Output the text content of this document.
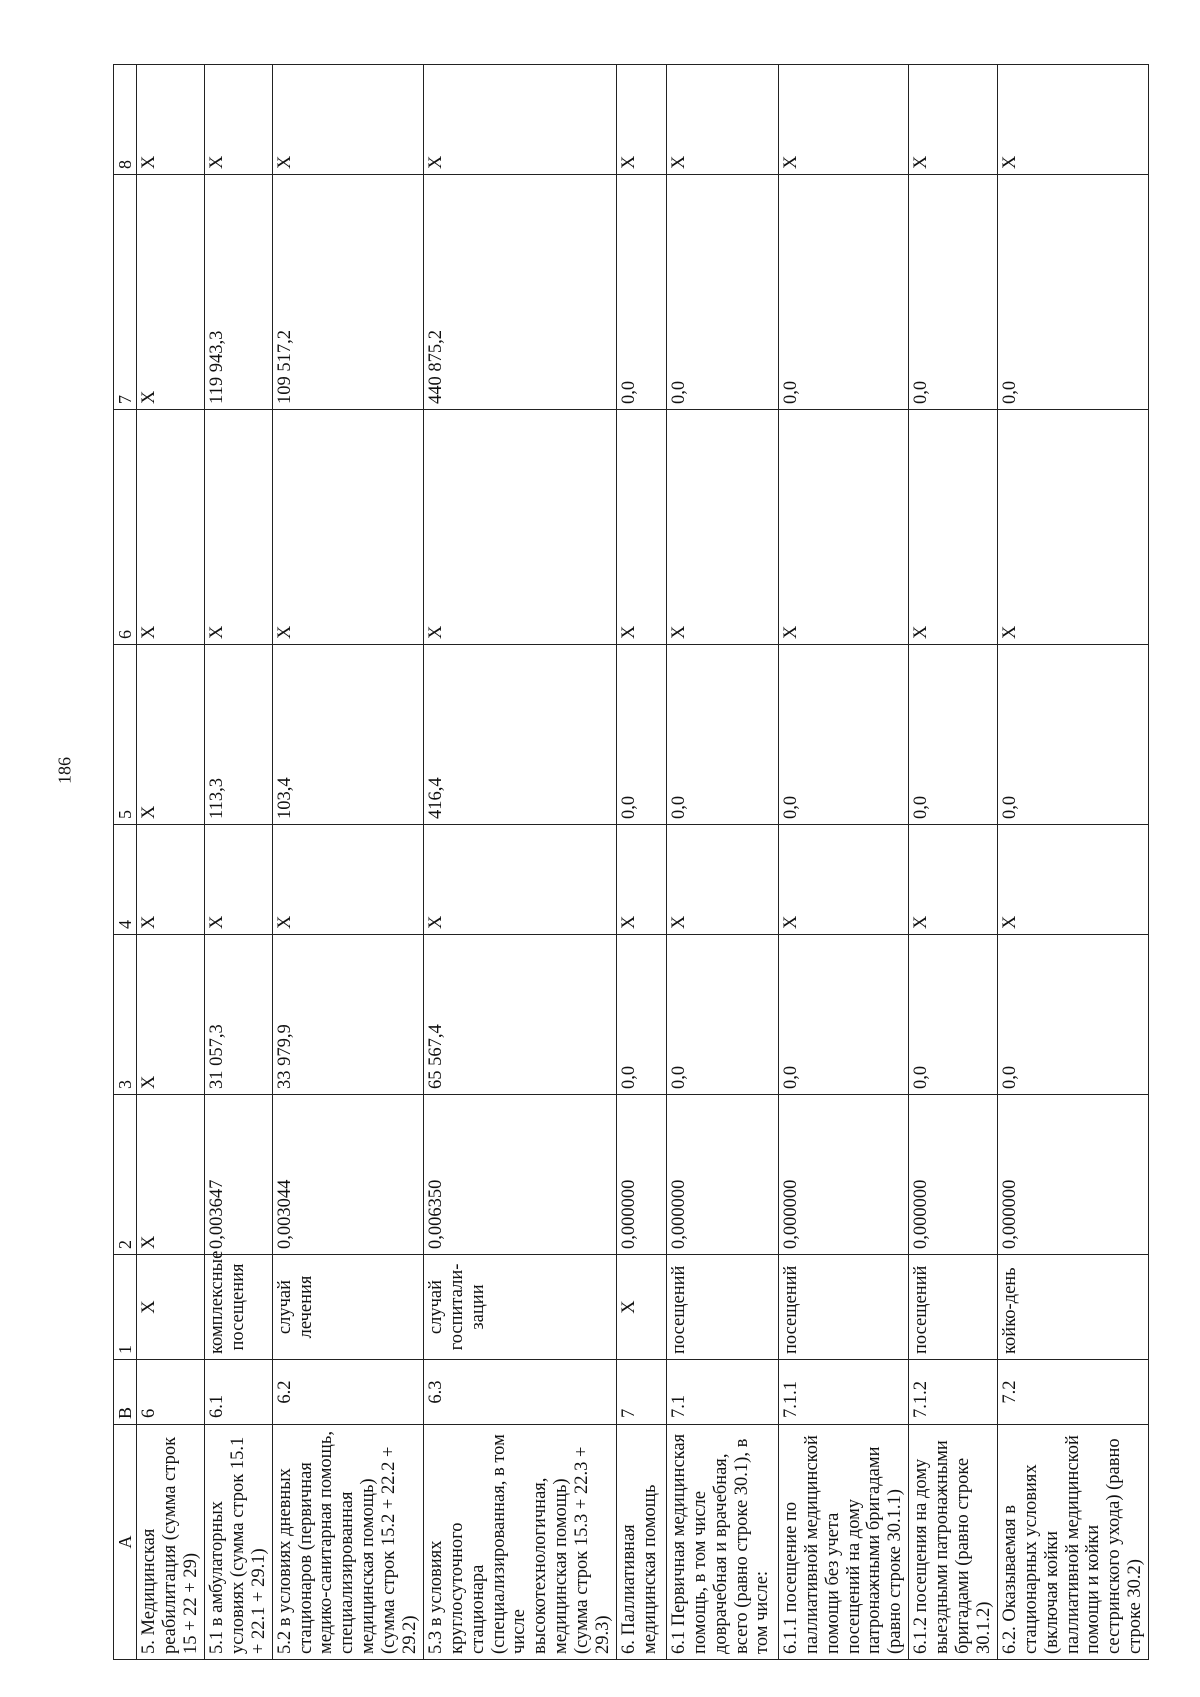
186
А	В	1	2	3	4	5	6	7	8
5. Медицинская реабилитация (сумма строк 15 + 22 + 29)	6	Х	Х	Х	Х	Х	Х	Х	Х
5.1 в амбулаторных условиях (сумма строк 15.1 + 22.1 + 29.1)	6.1	комплексные посещения	0,003647	31 057,3	Х	113,3	Х	119 943,3	Х
5.2 в условиях дневных стационаров (первичная медико-санитарная помощь, специализированная медицинская помощь) (сумма строк 15.2 + 22.2 + 29.2)	6.2	случай лечения	0,003044	33 979,9	Х	103,4	Х	109 517,2	Х
5.3 в условиях круглосуточного стационара (специализированная, в том числе высокотехнологичная, медицинская помощь) (сумма строк 15.3 + 22.3 + 29.3)	6.3	случай госпитали-зации	0,006350	65 567,4	Х	416,4	Х	440 875,2	Х
6. Паллиативная медицинская помощь	7	Х	0,000000	0,0	Х	0,0	Х	0,0	Х
6.1 Первичная медицинская помощь, в том числе доврачебная и врачебная, всего (равно строке 30.1), в том числе:	7.1	посещений	0,000000	0,0	Х	0,0	Х	0,0	Х
6.1.1 посещение по паллиативной медицинской помощи без учета посещений на дому патронажными бригадами (равно строке 30.1.1)	7.1.1	посещений	0,000000	0,0	Х	0,0	Х	0,0	Х
6.1.2 посещения на дому выездными патронажными бригадами (равно строке 30.1.2)	7.1.2	посещений	0,000000	0,0	Х	0,0	Х	0,0	Х
6.2. Оказываемая в стационарных условиях (включая койки паллиативной медицинской помощи и койки сестринского ухода) (равно строке 30.2)	7.2	койко-день	0,000000	0,0	Х	0,0	Х	0,0	Х
